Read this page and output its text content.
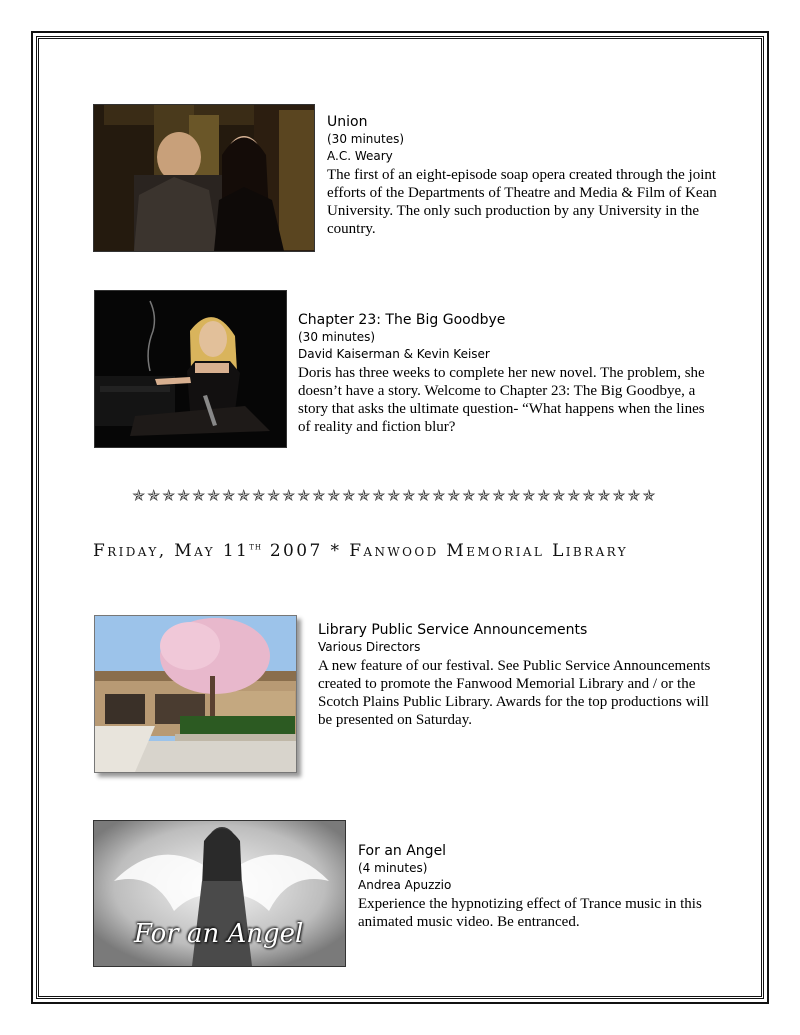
Union
(30 minutes)
A.C. Weary
The first of an eight-episode soap opera created through the joint efforts of the Departments of Theatre and Media & Film of Kean University. The only such production by any University in the country.
Chapter 23: The Big Goodbye
(30 minutes)
David Kaiserman & Kevin Keiser
Doris has three weeks to complete her new novel. The problem, she doesn’t have a story. Welcome to Chapter 23: The Big Goodbye, a story that asks the ultimate question- “What happens when the lines of reality and fiction blur?
✯✯✯✯✯✯✯✯✯✯✯✯✯✯✯✯✯✯✯✯✯✯✯✯✯✯✯✯✯✯✯✯✯✯✯
Friday, May 11th 2007 * Fanwood Memorial Library
Library Public Service Announcements
Various Directors
A new feature of our festival. See Public Service Announcements created to promote the Fanwood Memorial Library and / or the Scotch Plains Public Library. Awards for the top productions will be presented on Saturday.
For an Angel
For an Angel
(4 minutes)
Andrea Apuzzio
Experience the hypnotizing effect of Trance music in this animated music video. Be entranced.
